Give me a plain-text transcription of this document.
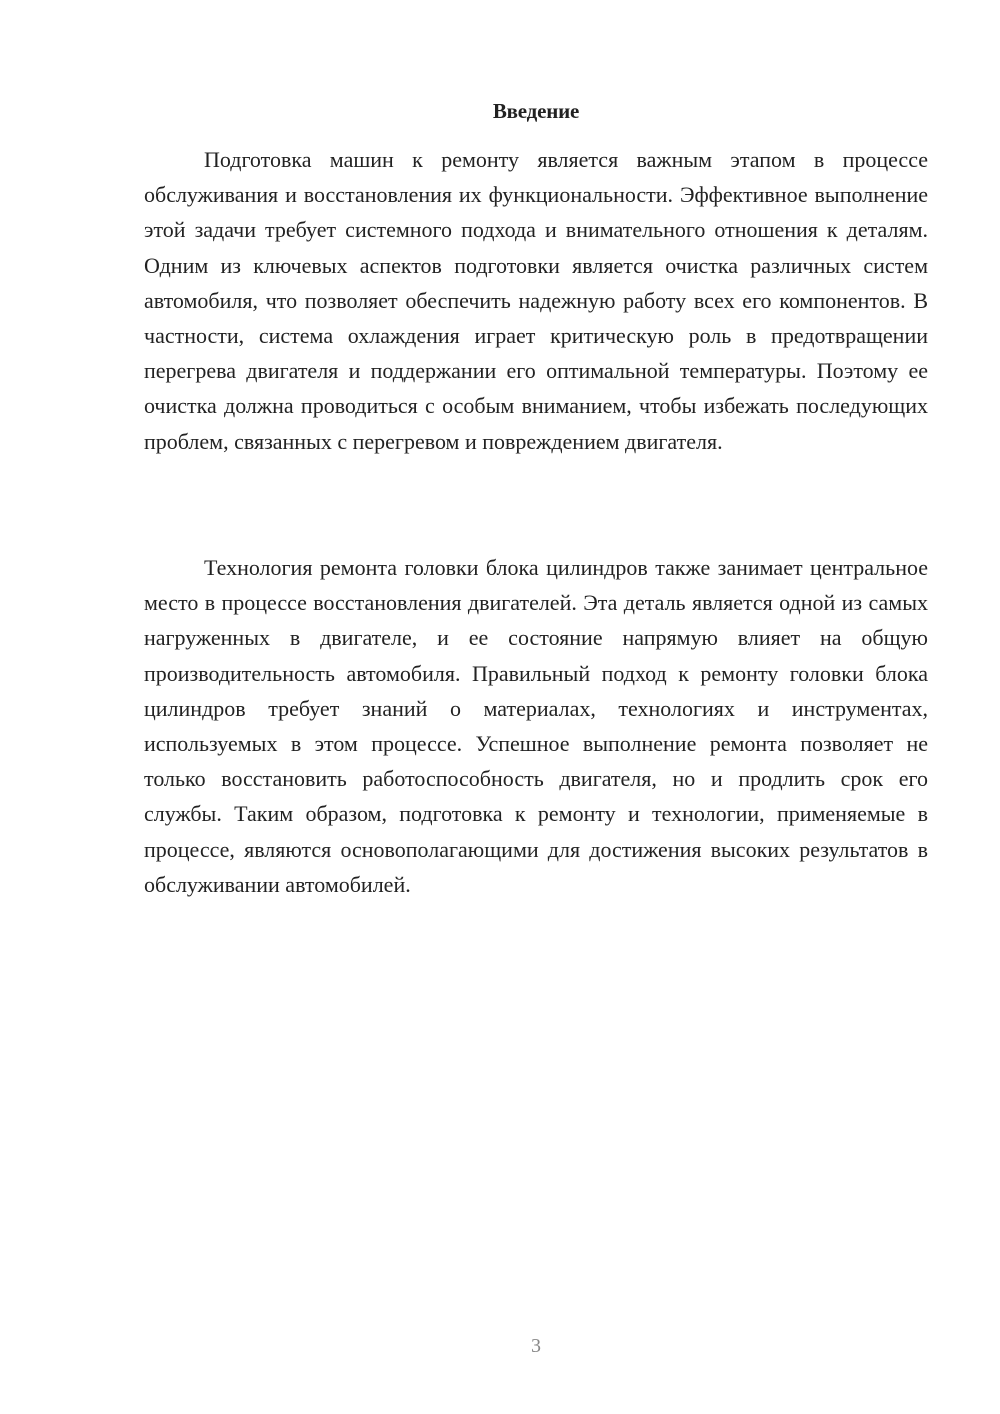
Введение

Подготовка машин к ремонту является важным этапом в процессе обслуживания и восстановления их функциональности. Эффективное выполнение этой задачи требует системного подхода и внимательного отношения к деталям. Одним из ключевых аспектов подготовки является очистка различных систем автомобиля, что позволяет обеспечить надежную работу всех его компонентов. В частности, система охлаждения играет критическую роль в предотвращении перегрева двигателя и поддержании его оптимальной температуры. Поэтому ее очистка должна проводиться с особым вниманием, чтобы избежать последующих проблем, связанных с перегревом и повреждением двигателя.

Технология ремонта головки блока цилиндров также занимает центральное место в процессе восстановления двигателей. Эта деталь является одной из самых нагруженных в двигателе, и ее состояние напрямую влияет на общую производительность автомобиля. Правильный подход к ремонту головки блока цилиндров требует знаний о материалах, технологиях и инструментах, используемых в этом процессе. Успешное выполнение ремонта позволяет не только восстановить работоспособность двигателя, но и продлить срок его службы. Таким образом, подготовка к ремонту и технологии, применяемые в процессе, являются основополагающими для достижения высоких результатов в обслуживании автомобилей.

3
